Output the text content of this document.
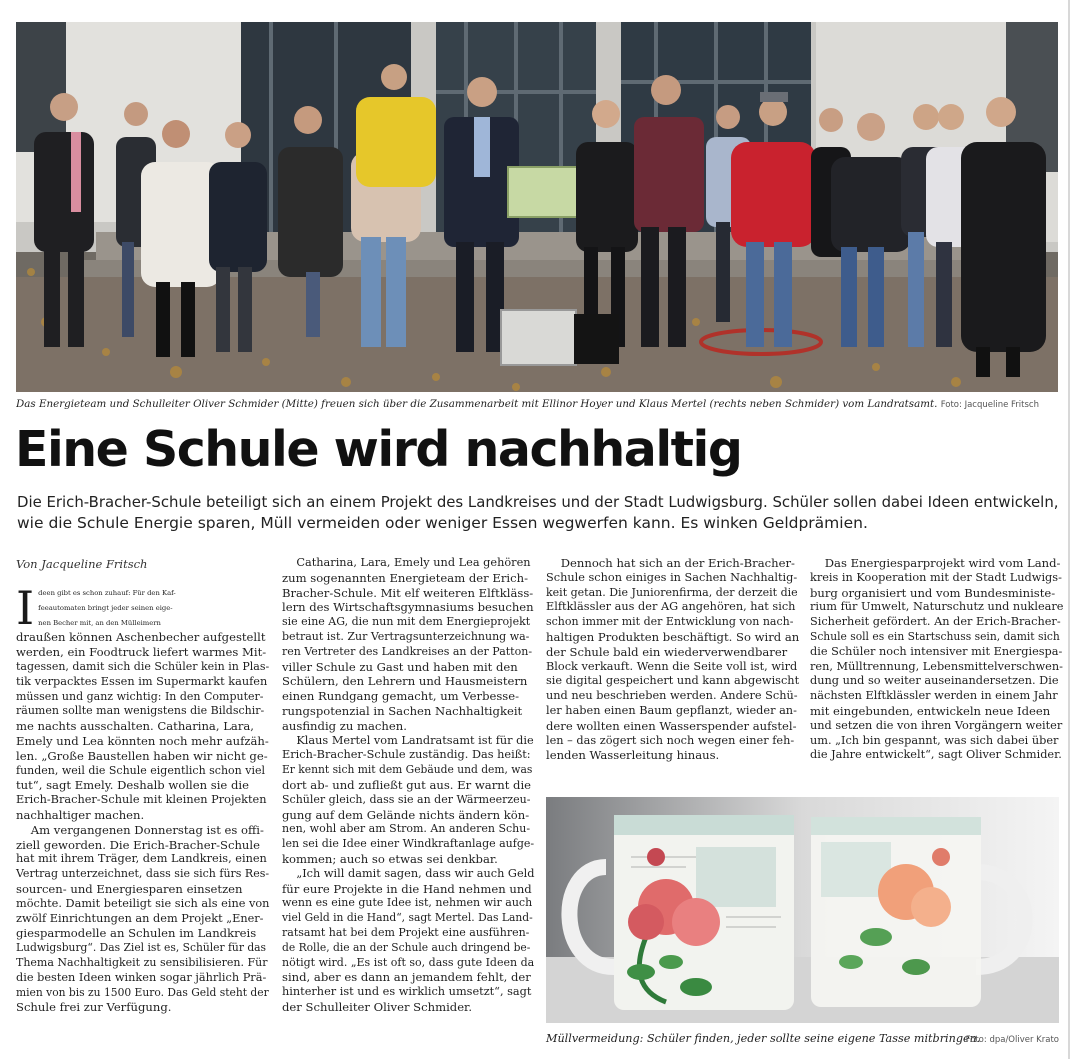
Das Energieteam und Schulleiter Oliver Schmider (Mitte) freuen sich über die Zusammenarbeit mit Ellinor Hoyer und Klaus Mertel (rechts neben Schmider) vom Landratsamt. Foto: Jacqueline Fritsch
Eine Schule wird nachhaltig

Die Erich-Bracher-Schule beteiligt sich an einem Projekt des Landkreises und der Stadt Ludwigsburg. Schüler sollen dabei Ideen entwickeln,

wie die Schule Energie sparen, Müll vermeiden oder weniger Essen wegwerfen kann. Es winken Geldprämien.

Von Jacqueline Fritsch
I deen gibt es schon zuhauf: Für den Kaf-

feeautomaten bringt jeder seinen eige-

nen Becher mit, an den Mülleimern

draußen können Aschenbecher aufgestellt

werden, ein Foodtruck liefert warmes Mit-

tagessen, damit sich die Schüler kein in Plas-

tik verpacktes Essen im Supermarkt kaufen

müssen und ganz wichtig: In den Computer-

räumen sollte man wenigstens die Bildschir-

me nachts ausschalten. Catharina, Lara,

Emely und Lea könnten noch mehr aufzäh-

len. „Große Baustellen haben wir nicht ge-

funden, weil die Schule eigentlich schon viel

tut“, sagt Emely. Deshalb wollen sie die

Erich-Bracher-Schule mit kleinen Projekten

nachhaltiger machen.

Am vergangenen Donnerstag ist es offi-

ziell geworden. Die Erich-Bracher-Schule

hat mit ihrem Träger, dem Landkreis, einen

Vertrag unterzeichnet, dass sie sich fürs Res-

sourcen- und Energiesparen einsetzen

möchte. Damit beteiligt sie sich als eine von

zwölf Einrichtungen an dem Projekt „Ener-

giesparmodelle an Schulen im Landkreis

Ludwigsburg“. Das Ziel ist es, Schüler für das

Thema Nachhaltigkeit zu sensibilisieren. Für

die besten Ideen winken sogar jährlich Prä-

mien von bis zu 1500 Euro. Das Geld steht der

Schule frei zur Verfügung.

Catharina, Lara, Emely und Lea gehören

zum sogenannten Energieteam der Erich-

Bracher-Schule. Mit elf weiteren Elftkläss-

lern des Wirtschaftsgymnasiums besuchen

sie eine AG, die nun mit dem Energieprojekt

betraut ist. Zur Vertragsunterzeichnung wa-

ren Vertreter des Landkreises an der Patton-

viller Schule zu Gast und haben mit den

Schülern, den Lehrern und Hausmeistern

einen Rundgang gemacht, um Verbesse-

rungspotenzial in Sachen Nachhaltigkeit

ausfindig zu machen.

Klaus Mertel vom Landratsamt ist für die

Erich-Bracher-Schule zuständig. Das heißt:

Er kennt sich mit dem Gebäude und dem, was

dort ab- und zufließt gut aus. Er warnt die

Schüler gleich, dass sie an der Wärmeerzeu-

gung auf dem Gelände nichts ändern kön-

nen, wohl aber am Strom. An anderen Schu-

len sei die Idee einer Windkraftanlage aufge-

kommen; auch so etwas sei denkbar.

„Ich will damit sagen, dass wir auch Geld

für eure Projekte in die Hand nehmen und

wenn es eine gute Idee ist, nehmen wir auch

viel Geld in die Hand“, sagt Mertel. Das Land-

ratsamt hat bei dem Projekt eine ausführen-

de Rolle, die an der Schule auch dringend be-

nötigt wird. „Es ist oft so, dass gute Ideen da

sind, aber es dann an jemandem fehlt, der

hinterher ist und es wirklich umsetzt“, sagt

der Schulleiter Oliver Schmider.

Dennoch hat sich an der Erich-Bracher-

Schule schon einiges in Sachen Nachhaltig-

keit getan. Die Juniorenfirma, der derzeit die

Elftklässler aus der AG angehören, hat sich

schon immer mit der Entwicklung von nach-

haltigen Produkten beschäftigt. So wird an

der Schule bald ein wiederverwendbarer

Block verkauft. Wenn die Seite voll ist, wird

sie digital gespeichert und kann abgewischt

und neu beschrieben werden. Andere Schü-

ler haben einen Baum gepflanzt, wieder an-

dere wollten einen Wasserspender aufstel-

len – das zögert sich noch wegen einer feh-

lenden Wasserleitung hinaus.

Das Energiesparprojekt wird vom Land-

kreis in Kooperation mit der Stadt Ludwigs-

burg organisiert und vom Bundesministe-

rium für Umwelt, Naturschutz und nukleare

Sicherheit gefördert. An der Erich-Bracher-

Schule soll es ein Startschuss sein, damit sich

die Schüler noch intensiver mit Energiespa-

ren, Mülltrennung, Lebensmittelverschwen-

dung und so weiter auseinandersetzen. Die

nächsten Elftklässler werden in einem Jahr

mit eingebunden, entwickeln neue Ideen

und setzen die von ihren Vorgängern weiter

um. „Ich bin gespannt, was sich dabei über

die Jahre entwickelt“, sagt Oliver Schmider.

Müllvermeidung: Schüler finden, jeder sollte seine eigene Tasse mitbringen.
Foto: dpa/Oliver Krato
